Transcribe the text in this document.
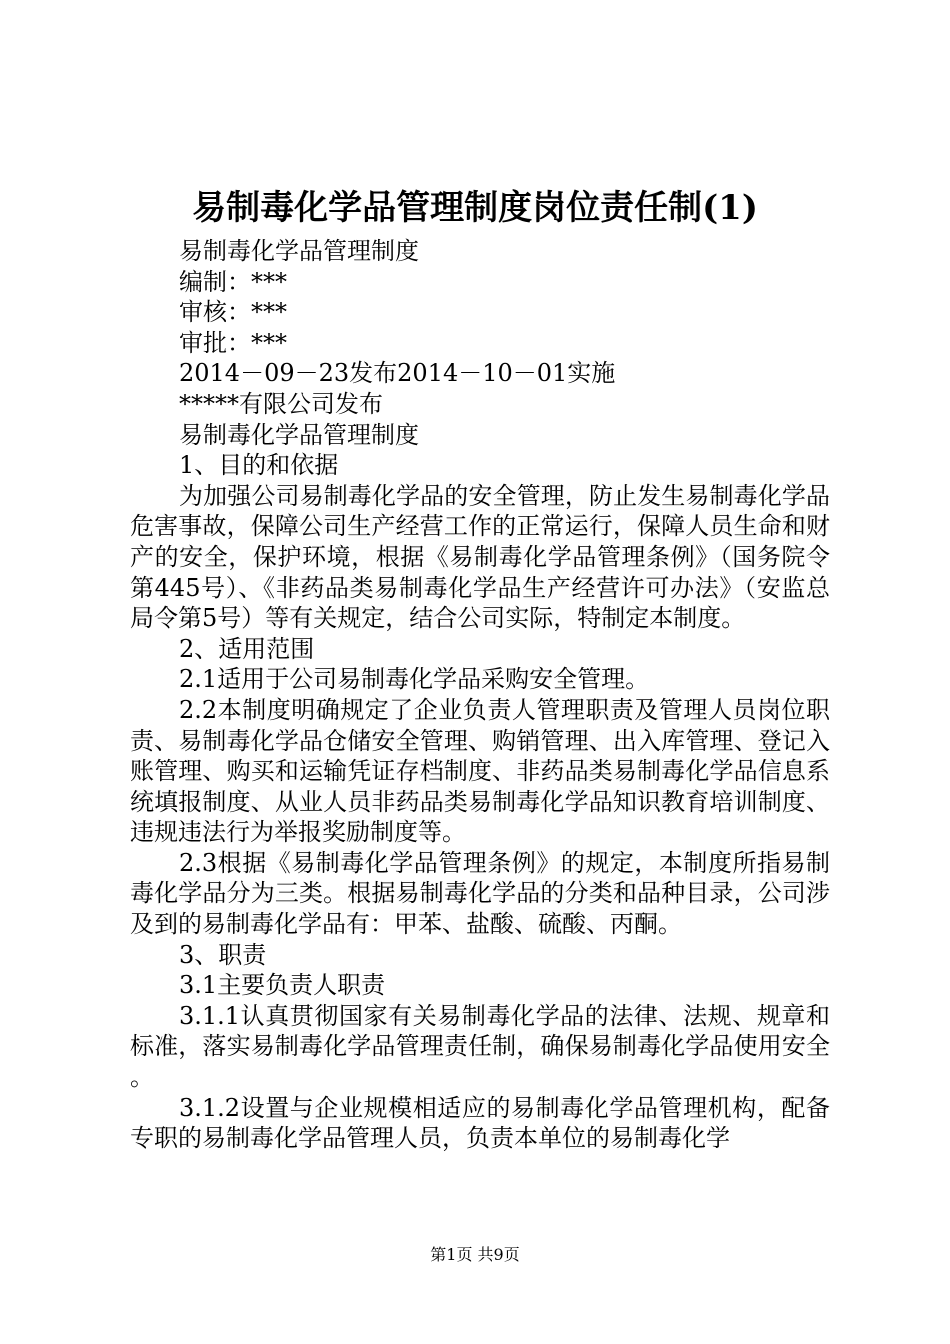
易制毒化学品管理制度岗位责任制(1)
易制毒化学品管理制度
编制：***
审核：***
审批：***
2014－09－23发布2014－10－01实施
*****有限公司发布
易制毒化学品管理制度
1、目的和依据
为加强公司易制毒化学品的安全管理，防止发生易制毒化学品危害事故，保障公司生产经营工作的正常运行，保障人员生命和财产的安全，保护环境，根据《易制毒化学品管理条例》（国务院令第445号）、《非药品类易制毒化学品生产经营许可办法》（安监总局令第5号）等有关规定，结合公司实际，特制定本制度。
2、适用范围
2.1适用于公司易制毒化学品采购安全管理。
2.2本制度明确规定了企业负责人管理职责及管理人员岗位职责、易制毒化学品仓储安全管理、购销管理、出入库管理、登记入账管理、购买和运输凭证存档制度、非药品类易制毒化学品信息系统填报制度、从业人员非药品类易制毒化学品知识教育培训制度、违规违法行为举报奖励制度等。
2.3根据《易制毒化学品管理条例》的规定，本制度所指易制毒化学品分为三类。根据易制毒化学品的分类和品种目录，公司涉及到的易制毒化学品有：甲苯、盐酸、硫酸、丙酮。
3、职责
3.1主要负责人职责
3.1.1认真贯彻国家有关易制毒化学品的法律、法规、规章和标准，落实易制毒化学品管理责任制，确保易制毒化学品使用安全。
3.1.2设置与企业规模相适应的易制毒化学品管理机构，配备专职的易制毒化学品管理人员，负责本单位的易制毒化学
第1页 共9页
